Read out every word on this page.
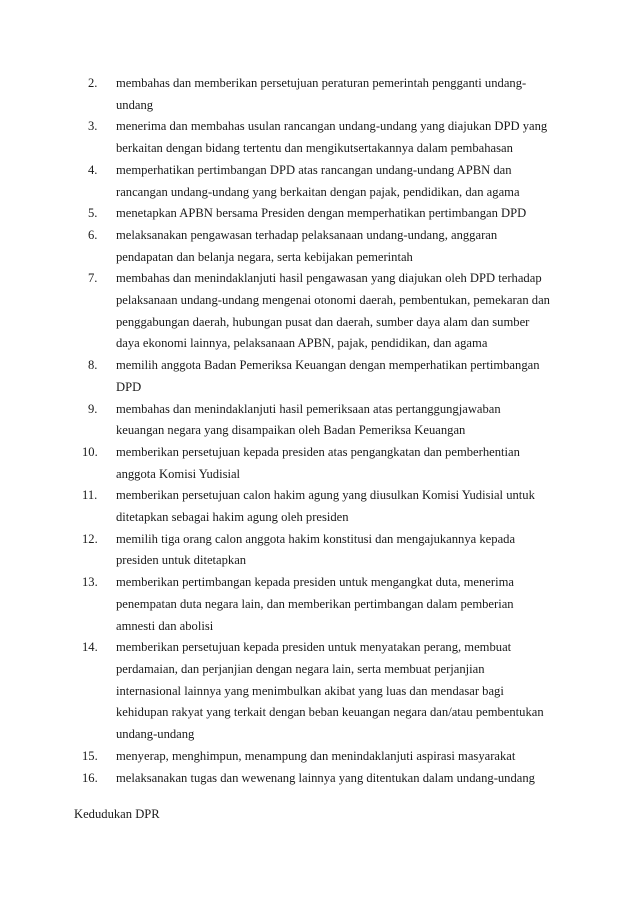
2. membahas dan memberikan persetujuan peraturan pemerintah pengganti undang-
undang
3. menerima dan membahas usulan rancangan undang-undang yang diajukan DPD yang
berkaitan dengan bidang tertentu dan mengikutsertakannya dalam pembahasan
4. memperhatikan pertimbangan DPD atas rancangan undang-undang APBN dan
rancangan undang-undang yang berkaitan dengan pajak, pendidikan, dan agama
5. menetapkan APBN bersama Presiden dengan memperhatikan pertimbangan DPD
6. melaksanakan pengawasan terhadap pelaksanaan undang-undang, anggaran
pendapatan dan belanja negara, serta kebijakan pemerintah
7. membahas dan menindaklanjuti hasil pengawasan yang diajukan oleh DPD terhadap
pelaksanaan undang-undang mengenai otonomi daerah, pembentukan, pemekaran dan
penggabungan daerah, hubungan pusat dan daerah, sumber daya alam dan sumber
daya ekonomi lainnya, pelaksanaan APBN, pajak, pendidikan, dan agama
8. memilih anggota Badan Pemeriksa Keuangan dengan memperhatikan pertimbangan
DPD
9. membahas dan menindaklanjuti hasil pemeriksaan atas pertanggungjawaban
keuangan negara yang disampaikan oleh Badan Pemeriksa Keuangan
10. memberikan persetujuan kepada presiden atas pengangkatan dan pemberhentian
anggota Komisi Yudisial
11. memberikan persetujuan calon hakim agung yang diusulkan Komisi Yudisial untuk
ditetapkan sebagai hakim agung oleh presiden
12. memilih tiga orang calon anggota hakim konstitusi dan mengajukannya kepada
presiden untuk ditetapkan
13. memberikan pertimbangan kepada presiden untuk mengangkat duta, menerima
penempatan duta negara lain, dan memberikan pertimbangan dalam pemberian
amnesti dan abolisi
14. memberikan persetujuan kepada presiden untuk menyatakan perang, membuat
perdamaian, dan perjanjian dengan negara lain, serta membuat perjanjian
internasional lainnya yang menimbulkan akibat yang luas dan mendasar bagi
kehidupan rakyat yang terkait dengan beban keuangan negara dan/atau pembentukan
undang-undang
15. menyerap, menghimpun, menampung dan menindaklanjuti aspirasi masyarakat
16. melaksanakan tugas dan wewenang lainnya yang ditentukan dalam undang-undang
Kedudukan DPR
